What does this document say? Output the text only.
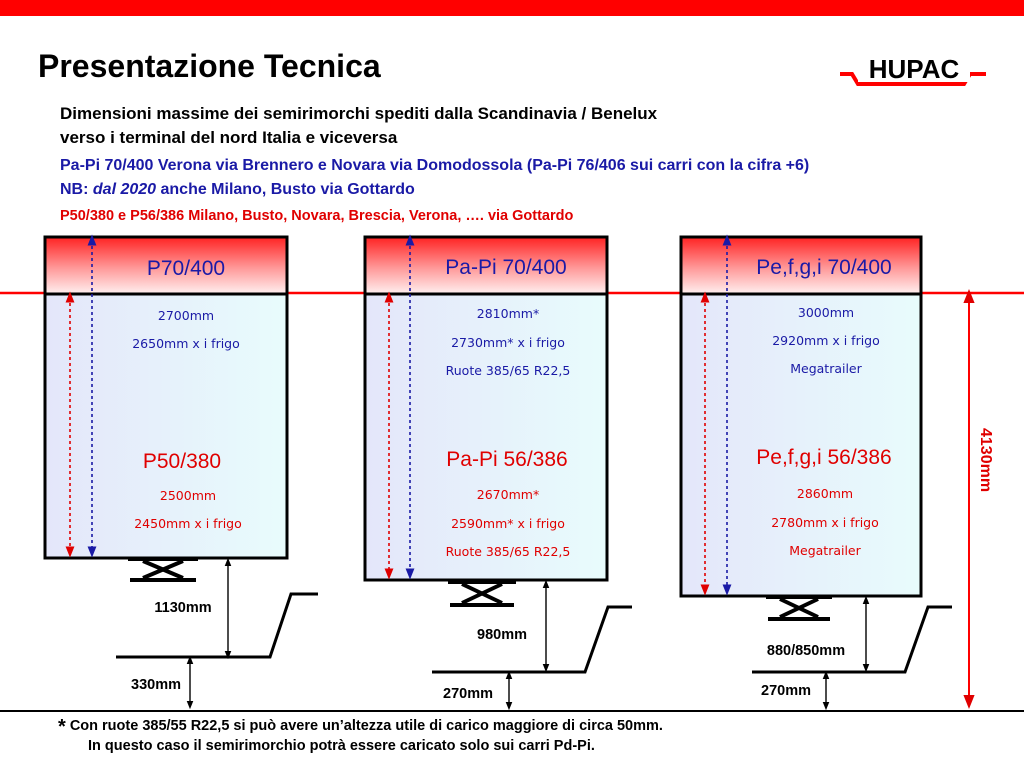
Presentazione Tecnica	HUPAC
Dimensioni massime dei semirimorchi spediti dalla Scandinavia / Benelux
verso i terminal del nord Italia e viceversa
Pa-Pi 70/400 Verona via Brennero e Novara via Domodossola (Pa-Pi 76/406 sui carri con la cifra +6)
NB: dal 2020 anche Milano, Busto via Gottardo
P50/380 e P56/386 Milano, Busto, Novara, Brescia, Verona, …. via Gottardo
4130mm
P70/400
2700mm
2650mm x i frigo
P50/380
2500mm
2450mm x i frigo
1130mm
330mm
Pa-Pi 70/400
2810mm*
2730mm* x i frigo
Ruote 385/65 R22,5
Pa-Pi 56/386
2670mm*
2590mm* x i frigo
Ruote 385/65 R22,5
980mm
270mm
Pe,f,g,i 70/400
3000mm
2920mm x i frigo
Megatrailer
Pe,f,g,i 56/386
2860mm
2780mm x i frigo
Megatrailer
880/850mm
270mm
* Con ruote 385/55 R22,5 si può avere un’altezza utile di carico maggiore di circa 50mm.
In questo caso il semirimorchio potrà essere caricato solo sui carri Pd-Pi.
